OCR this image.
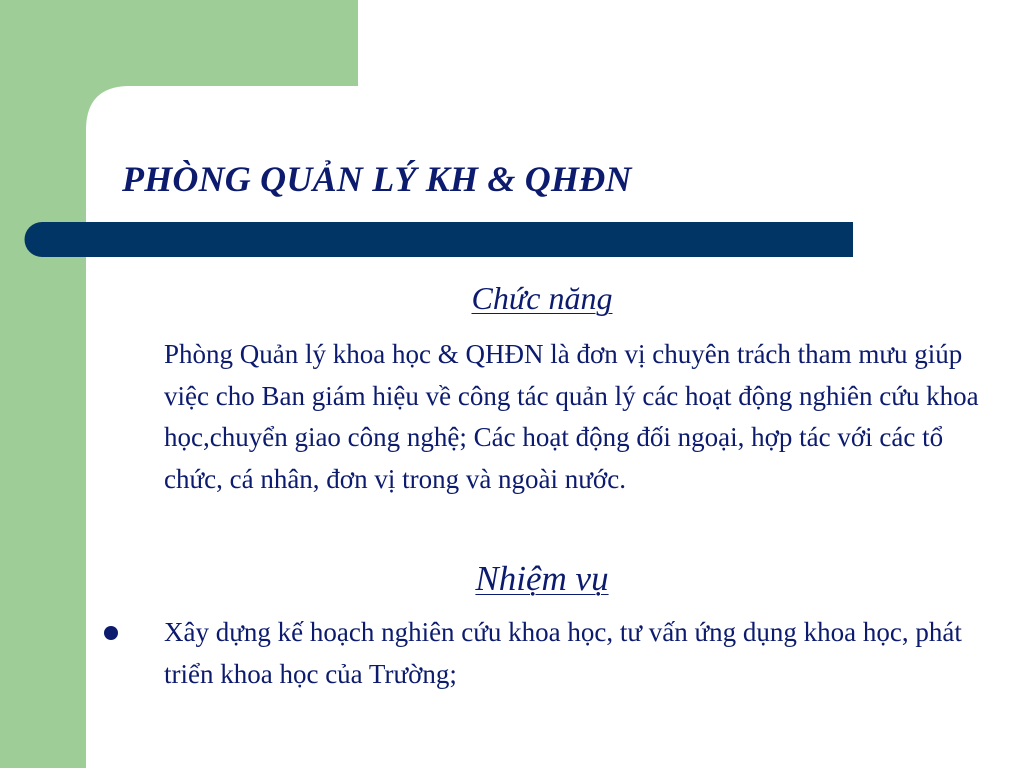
PHÒNG QUẢN LÝ KH & QHĐN
Chức năng
Phòng Quản lý khoa học & QHĐN là đơn vị chuyên trách tham mưu giúp việc cho Ban giám hiệu về công tác quản lý các hoạt động nghiên cứu khoa học,chuyển giao công nghệ; Các hoạt động đối ngoại, hợp tác với các tổ chức, cá nhân, đơn vị trong và ngoài nước.
Nhiệm vụ
Xây dựng kế hoạch nghiên cứu khoa học, tư vấn ứng dụng khoa học, phát triển khoa học của Trường;
